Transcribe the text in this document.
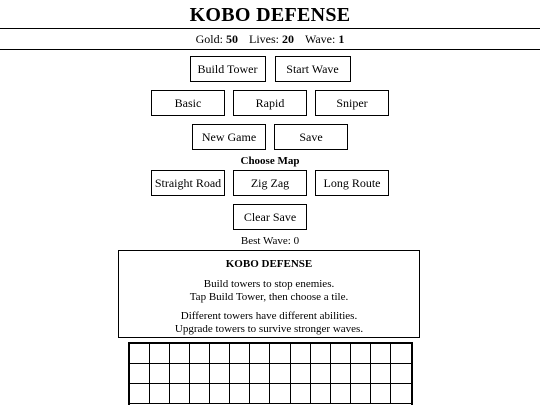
KOBO DEFENSE
Gold: 50 Lives: 20 Wave: 1
Build Tower	Start Wave
Basic	Rapid	Sniper
New Game	Save
Choose Map
Straight Road	Zig Zag	Long Route
Clear Save
Best Wave: 0
KOBO DEFENSE
Build towers to stop enemies.
Tap Build Tower, then choose a tile.
Different towers have different abilities.
Upgrade towers to survive stronger waves.
